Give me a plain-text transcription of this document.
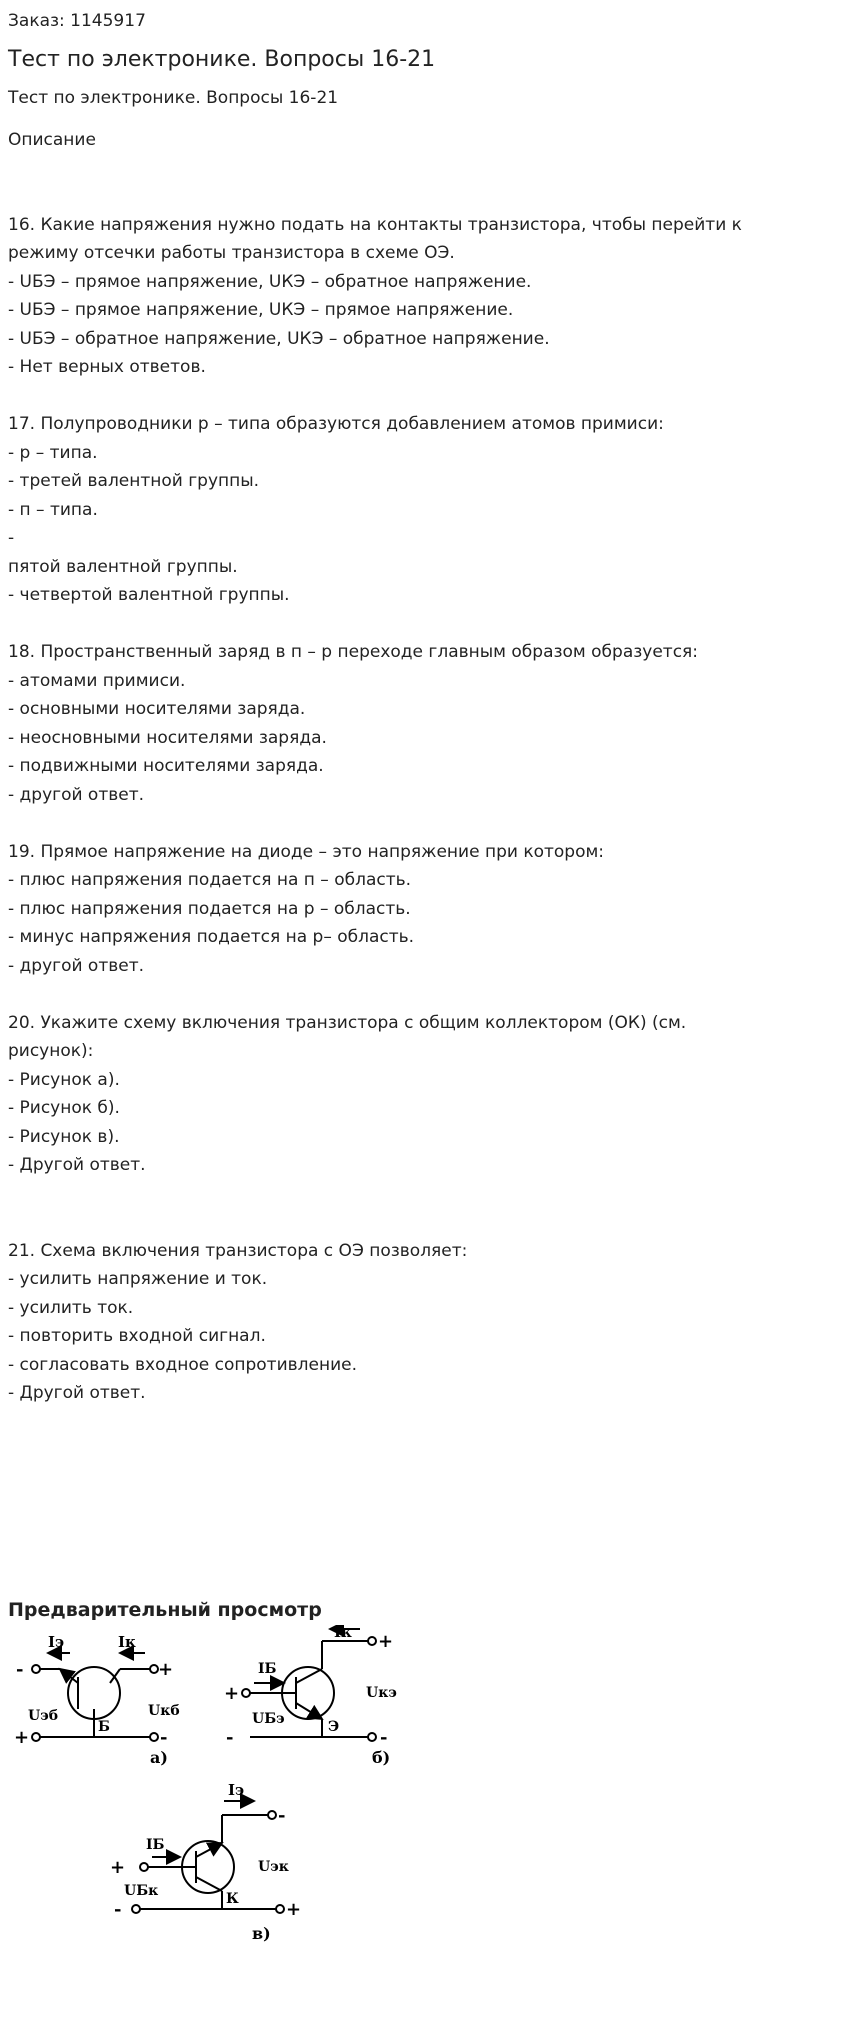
Заказ: 1145917
Тест по электронике. Вопросы 16-21
Тест по электронике. Вопросы 16-21
Описание
16. Какие напряжения нужно подать на контакты транзистора, чтобы перейти к
режиму отсечки работы транзистора в схеме ОЭ.
- UБЭ – прямое напряжение, UКЭ – обратное напряжение.
- UБЭ – прямое напряжение, UКЭ – прямое напряжение.
- UБЭ – обратное напряжение, UКЭ – обратное напряжение.
- Нет верных ответов.
17. Полупроводники р – типа образуются добавлением атомов примиси:
- р – типа.
- третей валентной группы.
- п – типа.
-
пятой валентной группы.
- четвертой валентной группы.
18. Пространственный заряд в п – р переходе главным образом образуется:
- атомами примиси.
- основными носителями заряда.
- неосновными носителями заряда.
- подвижными носителями заряда.
- другой ответ.
19. Прямое напряжение на диоде – это напряжение при котором:
- плюс напряжения подается на п – область.
- плюс напряжения подается на р – область.
- минус напряжения подается на р– область.
- другой ответ.
20. Укажите схему включения транзистора с общим коллектором (ОК) (см.
рисунок):
- Рисунок а).
- Рисунок б).
- Рисунок в).
- Другой ответ.
21. Схема включения транзистора с ОЭ позволяет:
- усилить напряжение и ток.
- усилить ток.
- повторить входной сигнал.
- согласовать входное сопротивление.
- Другой ответ.
Предварительный просмотр
-	+
+	-
Iэ	Iк
Uэб	Uкб
Б
а)
+
+
-	-
Iк
IБ
UБэ
Uкэ
Э
б)
+
-
-	+
Iэ
IБ
UБк
Uэк
К
в)
